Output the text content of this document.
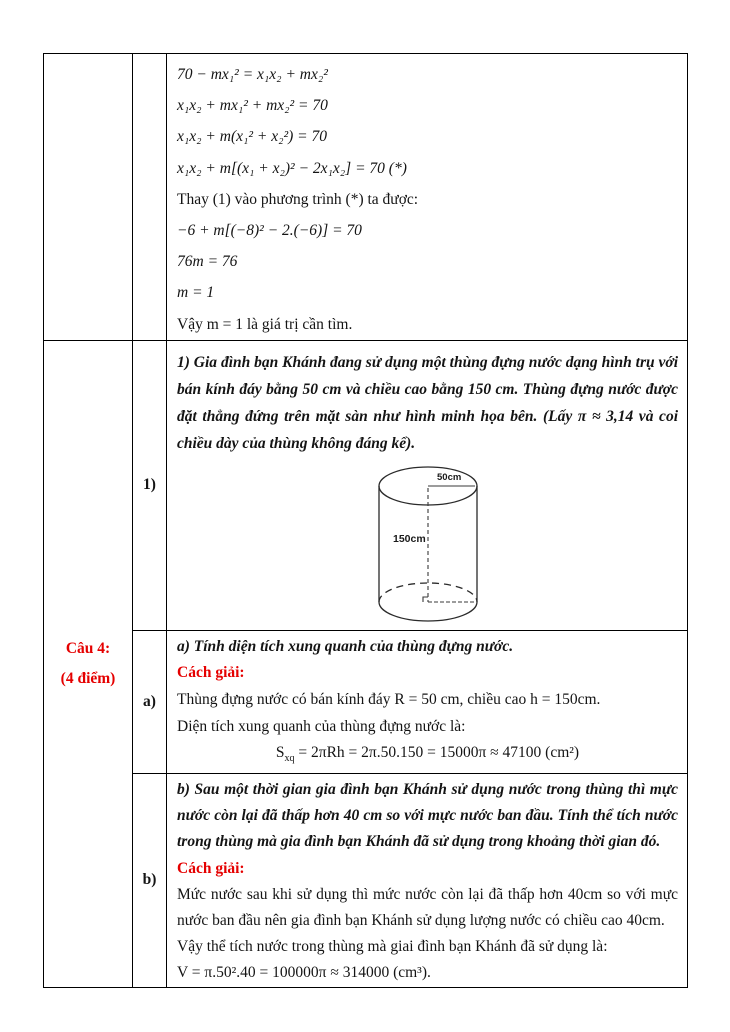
70 − mx₁² = x₁x₂ + mx₂²
x₁x₂ + mx₁² + mx₂² = 70
x₁x₂ + m(x₁² + x₂²) = 70
x₁x₂ + m[(x₁ + x₂)² − 2x₁x₂] = 70 (*)
Thay (1) vào phương trình (*) ta được:
−6 + m[(−8)² − 2.(−6)] = 70
76m = 76
m = 1
Vậy m = 1 là giá trị cần tìm.

Câu 4:
(4 điểm)
	1)	
1) Gia đình bạn Khánh đang sử dụng một thùng đựng nước dạng hình trụ với bán kính đáy bằng 50 cm và chiều cao bằng 150 cm. Thùng đựng nước được đặt thẳng đứng trên mặt sàn như hình minh họa bên. (Lấy π ≈ 3,14 và coi chiều dày của thùng không đáng kể).
50cm
150cm

	a)	a) Tính diện tích xung quanh của thùng đựng nước.
Cách giải:
Thùng đựng nước có bán kính đáy R = 50 cm, chiều cao h = 150cm.
Diện tích xung quanh của thùng đựng nước là:
$S_{xq} = 2\pi Rh = 2\pi.50.150 = 15000\pi \approx 47100$ (cm²)

	b)	b) Sau một thời gian gia đình bạn Khánh sử dụng nước trong thùng thì mực nước còn lại đã thấp hơn 40 cm so với mực nước ban đầu. Tính thể tích nước trong thùng mà gia đình bạn Khánh đã sử dụng trong khoảng thời gian đó.
Cách giải:
Mức nước sau khi sử dụng thì mức nước còn lại đã thấp hơn 40cm so với mực nước ban đầu nên gia đình bạn Khánh sử dụng lượng nước có chiều cao 40cm.
Vậy thể tích nước trong thùng mà giai đình bạn Khánh đã sử dụng là:
V = π.50².40 = 100000π ≈ 314000 (cm³).
